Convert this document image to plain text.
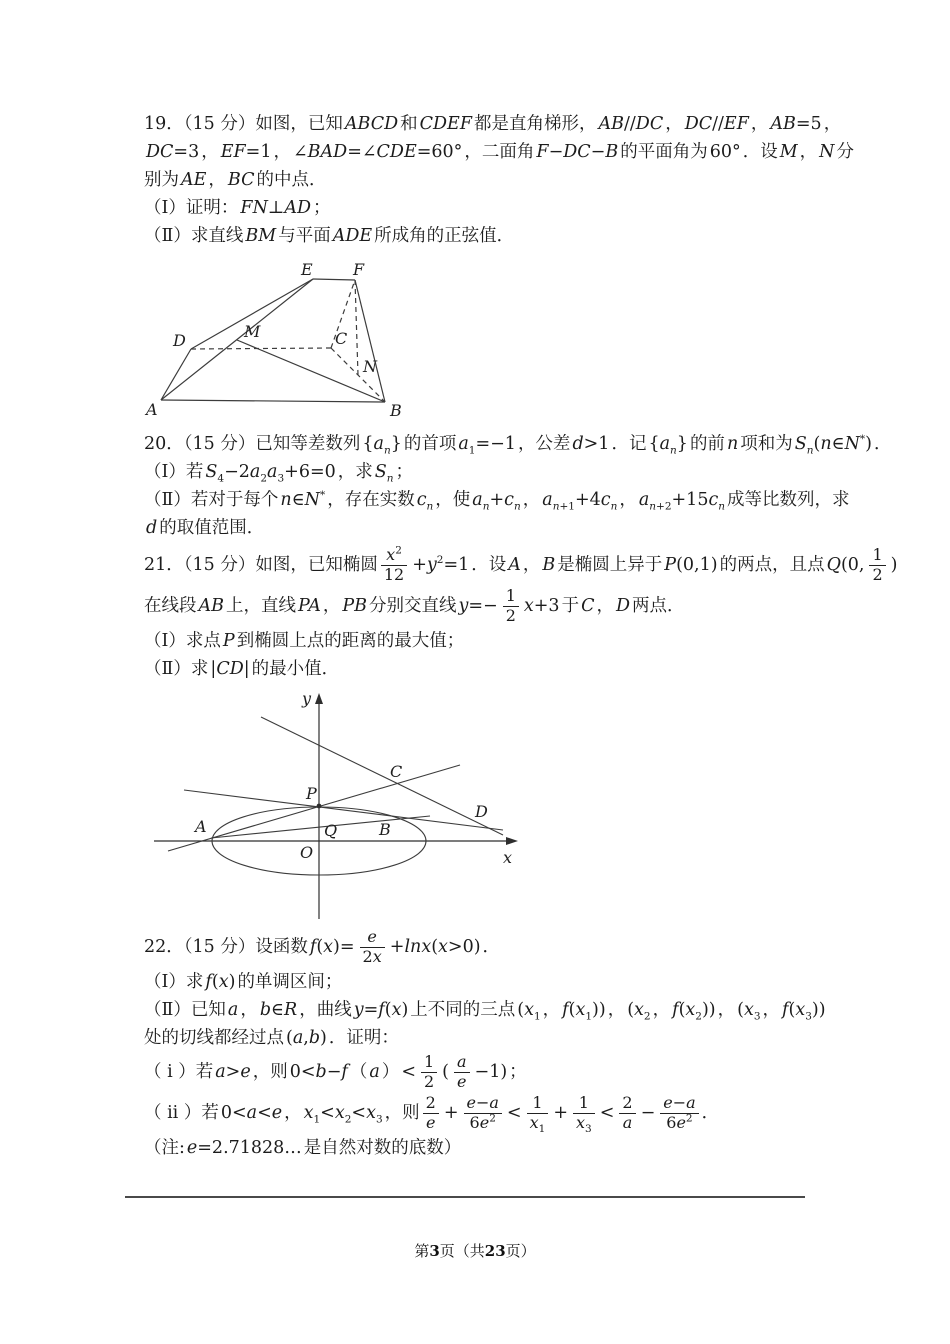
19．（15 分）如图，已知 ABCD 和 CDEF 都是直角梯形， AB//DC ， DC//EF ， AB=5 ，
DC=3 ， EF=1 ， ∠BAD=∠CDE=60° ，二面角 F−DC−B 的平面角为 60° ．设 M ， N 分
别为 AE ， BC 的中点．
（Ⅰ）证明： FN⊥AD ；
（Ⅱ）求直线 BM 与平面 ADE 所成角的正弦值．
A	B
C
D
E	F
M
N
20．（15 分）已知等差数列 $\{a_n\}$ 的首项 $a_1=-1$ ，公差 d>1 ．记 $\{a_n\}$ 的前 n 项和为 $S_n(n\in N^*)$ ．
（Ⅰ）若 $S_4-2a_2a_3+6=0$ ，求 $S_n$ ；
（Ⅱ）若对于每个 n∈N* ，存在实数 $c_n$ ，使 $a_n+c_n$ ， $a_{n+1}+4c_n$ ， $a_{n+2}+15c_n$ 成等比数列，求
d 的取值范围．
21．（15 分）如图，已知椭圆 $\frac{x^2}{12} +y^2=1$ ．设 A ， B 是椭圆上异于 P(0,1) 的两点，且点 Q(0, $\frac{1}{2}$ )
在线段 AB 上，直线 PA ， PB 分别交直线 $y=- \frac{1}{2} x+3$ 于 C ， D 两点．
（Ⅰ）求点 P 到椭圆上点的距离的最大值；
（Ⅱ）求 |CD| 的最小值．
y
x
O
P
Q
A	B
C
D
22．（15 分）设函数 $f(x)= \frac{e}{2x} +\ln x(x>0)$ ．
（Ⅰ）求 f(x) 的单调区间；
（Ⅱ）已知 a ， b∈R ，曲线 y=f(x) 上不同的三点 ($x_1$ ， $f(x_1)$) ， ($x_2$ ， $f(x_2)$) ， ($x_3$ ， $f(x_3)$)
处的切线都经过点 (a,b) ．证明：
（ i ）若 a>e ，则 0<b−f （ a ） < $\frac{1}{2}$ ( $\frac{a}{e} -1$) ；
（ ii ）若 0<a<e ， $x_1<x_2<x_3$ ，则 $\frac{2}{e} + \frac{e-a}{6e^2} < \frac{1}{x_1} + \frac{1}{x_3} < \frac{2}{a} - \frac{e-a}{6e^2}$ ．
（注: e=2.71828… 是自然对数的底数）
第3页（共23页）
